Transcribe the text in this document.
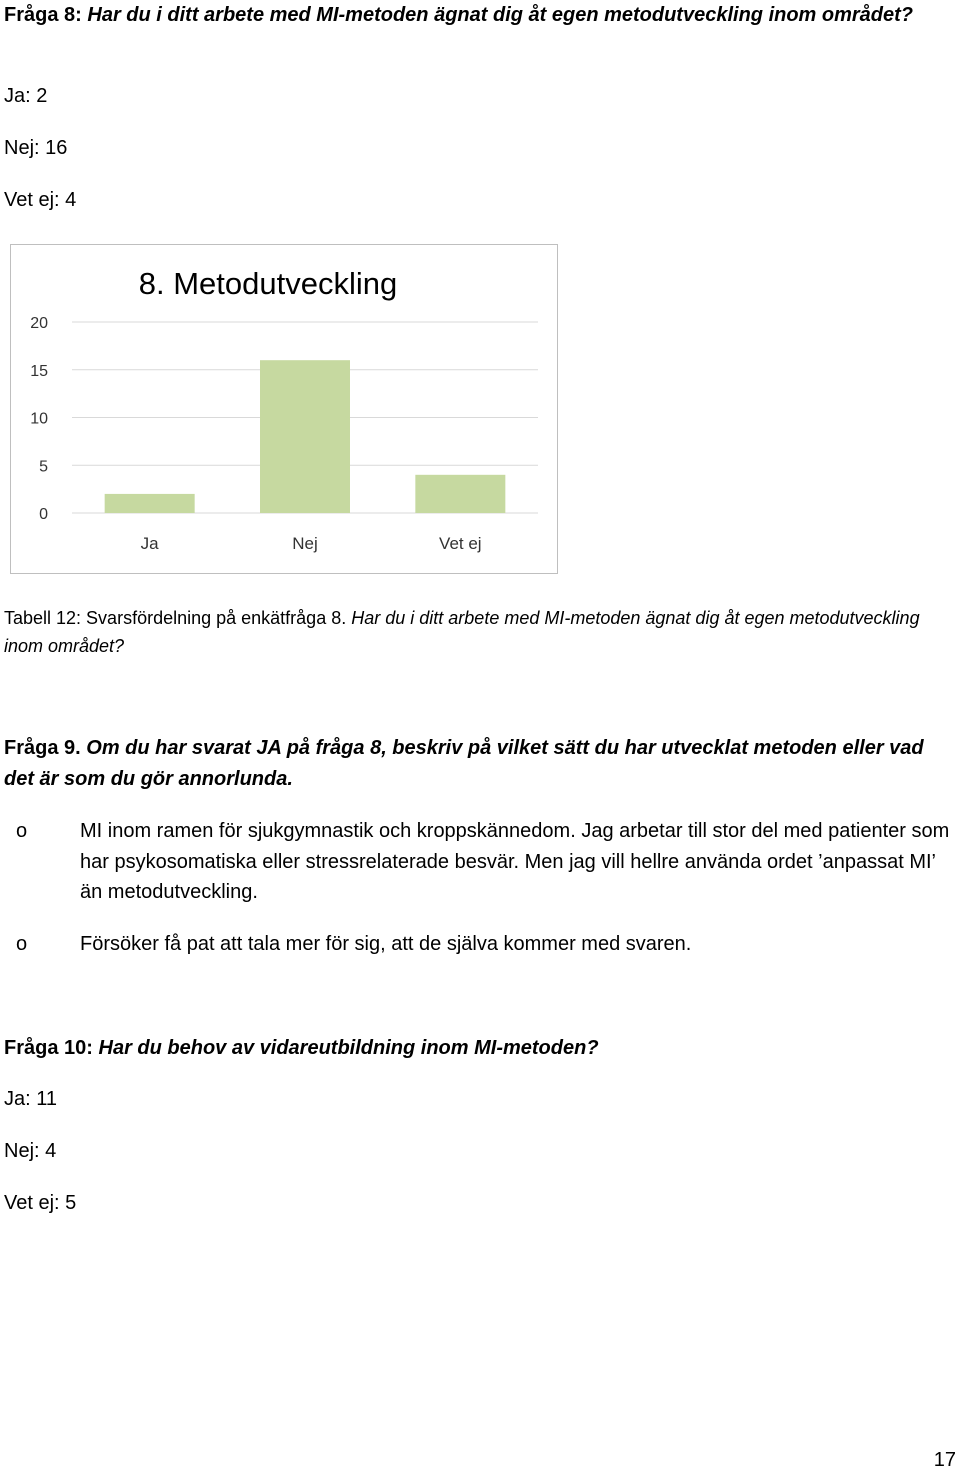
Fråga 8: Har du i ditt arbete med MI-metoden ägnat dig åt egen metodutveckling inom området?
Ja: 2
Nej: 16
Vet ej: 4
8. Metodutveckling
0
5
10
15
20
Ja	Nej	Vet ej
Tabell 12: Svarsfördelning på enkätfråga 8. Har du i ditt arbete med MI-metoden ägnat dig åt egen metodutveckling inom området?
Fråga 9. Om du har svarat JA på fråga 8, beskriv på vilket sätt du har utvecklat metoden eller vad det är som du gör annorlunda.
o	MI inom ramen för sjukgymnastik och kroppskännedom. Jag arbetar till stor del med patienter som har psykosomatiska eller stressrelaterade besvär. Men jag vill hellre använda ordet ’anpassat MI’ än metodutveckling.
o	Försöker få pat att tala mer för sig, att de själva kommer med svaren.
Fråga 10: Har du behov av vidareutbildning inom MI-metoden?
Ja: 11
Nej: 4
Vet ej: 5
17
